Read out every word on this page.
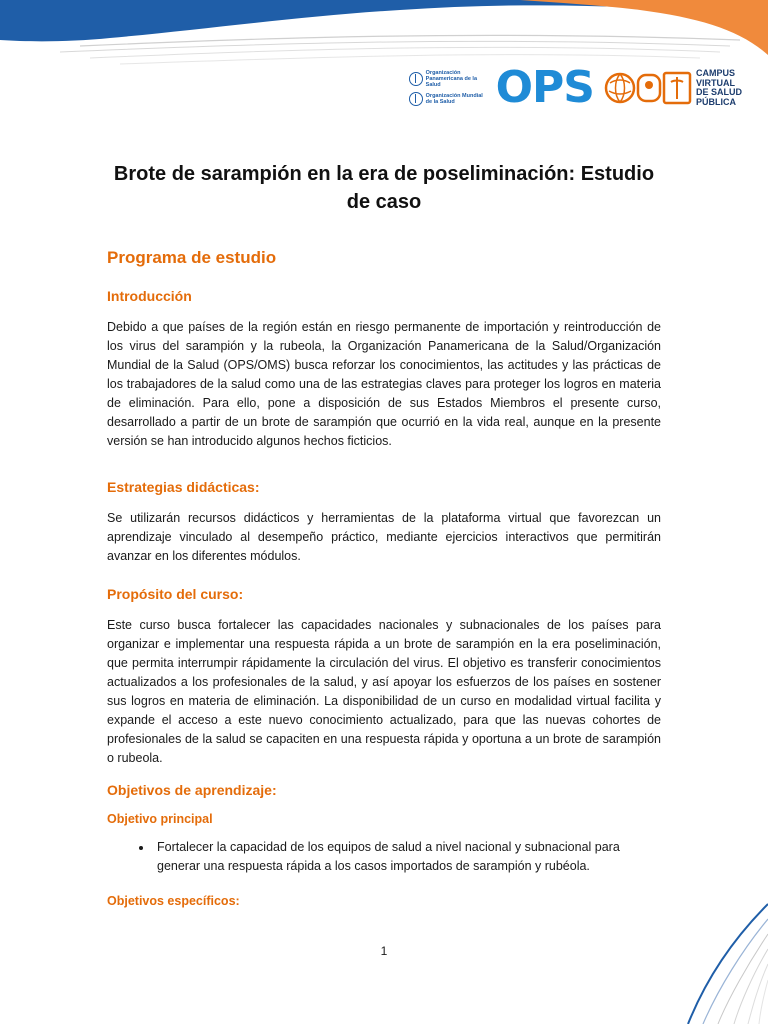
Organización Panamericana de la Salud
Organización Mundial de la Salud OPS	CAMPUS
VIRTUAL
DE SALUD
PÚBLICA
Brote de sarampión en la era de poseliminación: Estudio de caso
Programa de estudio
Introducción

Debido a que países de la región están en riesgo permanente de importación y reintroducción de los virus del sarampión y la rubeola, la Organización Panamericana de la Salud/Organización Mundial de la Salud (OPS/OMS) busca reforzar los conocimientos, las actitudes y las prácticas de los trabajadores de la salud como una de las estrategias claves para proteger los logros en materia de eliminación. Para ello, pone a disposición de sus Estados Miembros el presente curso, desarrollado a partir de un brote de sarampión que ocurrió en la vida real, aunque en la presente versión se han introducido algunos hechos ficticios.

Estrategias didácticas:

Se utilizarán recursos didácticos y herramientas de la plataforma virtual que favorezcan un aprendizaje vinculado al desempeño práctico, mediante ejercicios interactivos que permitirán avanzar en los diferentes módulos.

Propósito del curso:

Este curso busca fortalecer las capacidades nacionales y subnacionales de los países para organizar e implementar una respuesta rápida a un brote de sarampión en la era poseliminación, que permita interrumpir rápidamente la circulación del virus. El objetivo es transferir conocimientos actualizados a los profesionales de la salud, y así apoyar los esfuerzos de los países en sostener sus logros en materia de eliminación. La disponibilidad de un curso en modalidad virtual facilita y expande el acceso a este nuevo conocimiento actualizado, para que las nuevas cohortes de profesionales de la salud se capaciten en una respuesta rápida y oportuna a un brote de sarampión o rubeola.

Objetivos de aprendizaje:
Objetivo principal
• Fortalecer la capacidad de los equipos de salud a nivel nacional y subnacional para generar una respuesta rápida a los casos importados de sarampión y rubéola.
Objetivos específicos:
1
